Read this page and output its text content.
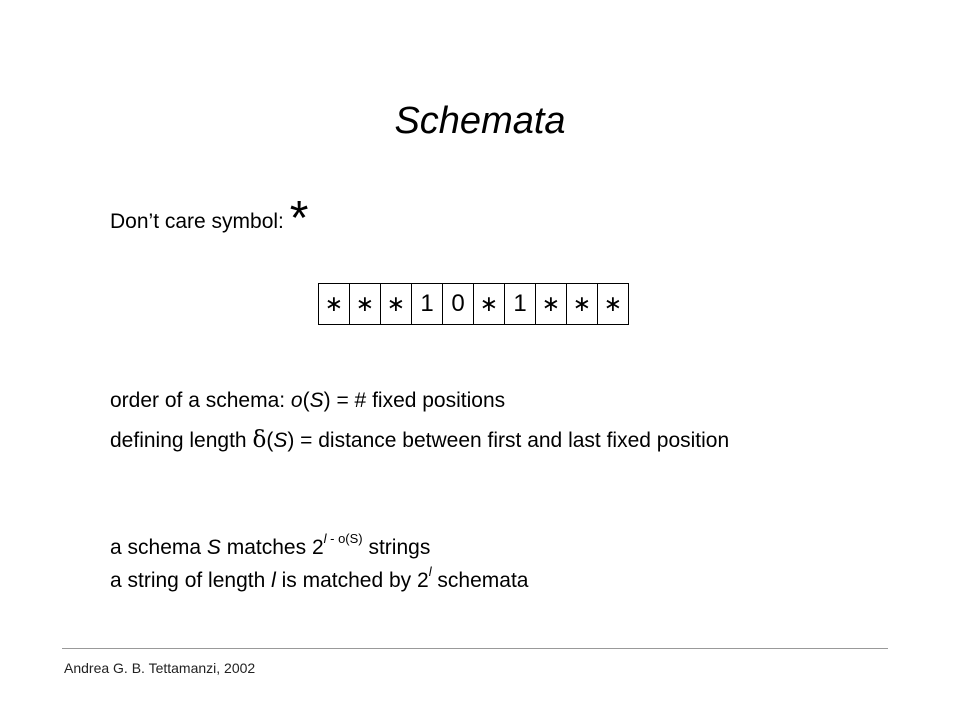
Schemata
Don’t care symbol: *
∗ ∗ ∗ 1 0 ∗ 1 ∗ ∗ ∗
order of a schema: o(S) = # fixed positions
defining length δ(S) = distance between first and last fixed position
a schema S matches $2^{l - o(S)}$ strings
a string of length l is matched by 2$^l$ schemata
Andrea G. B. Tettamanzi, 2002
